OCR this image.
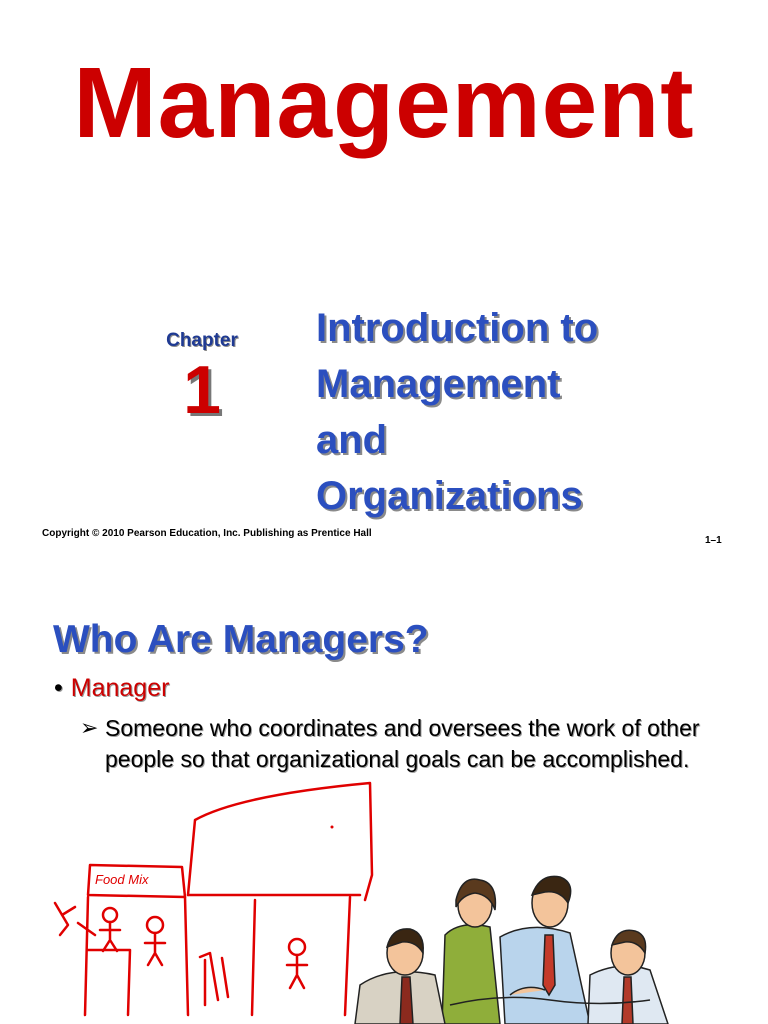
Management
Chapter
1
Introduction to
Management
and
Organizations
Copyright © 2010 Pearson Education, Inc. Publishing as Prentice Hall
1–1
Who Are Managers?
• Manager
➢ Someone who coordinates and oversees the work of other people so that organizational goals can be accomplished.
Food Mix
